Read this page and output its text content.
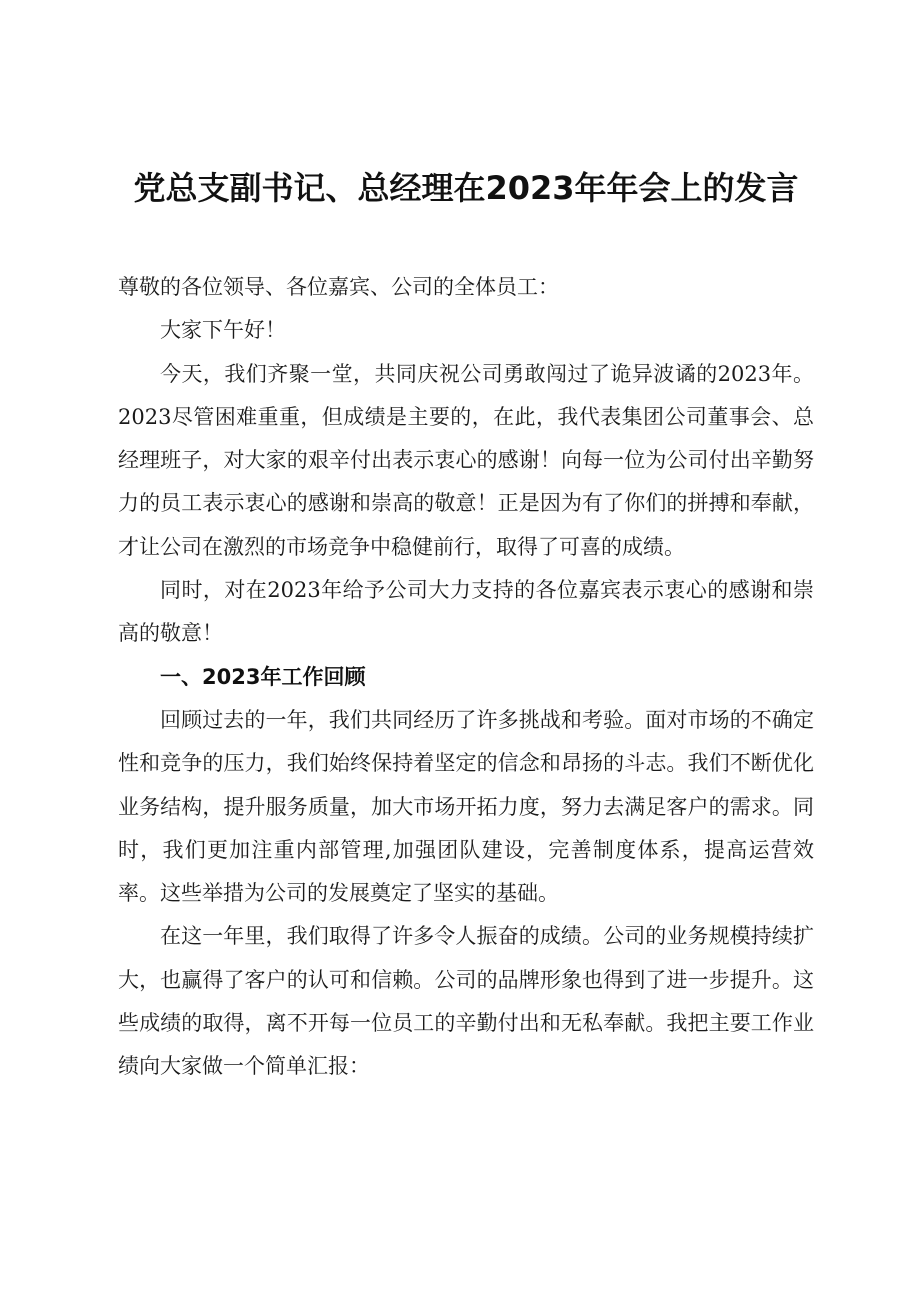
党总支副书记、总经理在2023年年会上的发言

尊敬的各位领导、各位嘉宾、公司的全体员工：

大家下午好！

今天，我们齐聚一堂，共同庆祝公司勇敢闯过了诡异波谲的2023年。2023尽管困难重重，但成绩是主要的，在此，我代表集团公司董事会、总经理班子，对大家的艰辛付出表示衷心的感谢！向每一位为公司付出辛勤努力的员工表示衷心的感谢和崇高的敬意！正是因为有了你们的拼搏和奉献，才让公司在激烈的市场竞争中稳健前行，取得了可喜的成绩。

同时，对在2023年给予公司大力支持的各位嘉宾表示衷心的感谢和崇高的敬意！

一、2023年工作回顾

回顾过去的一年，我们共同经历了许多挑战和考验。面对市场的不确定性和竞争的压力，我们始终保持着坚定的信念和昂扬的斗志。我们不断优化业务结构，提升服务质量，加大市场开拓力度，努力去满足客户的需求。同时，我们更加注重内部管理,加强团队建设，完善制度体系，提高运营效率。这些举措为公司的发展奠定了坚实的基础。

在这一年里，我们取得了许多令人振奋的成绩。公司的业务规模持续扩大，也赢得了客户的认可和信赖。公司的品牌形象也得到了进一步提升。这些成绩的取得，离不开每一位员工的辛勤付出和无私奉献。我把主要工作业绩向大家做一个简单汇报：
